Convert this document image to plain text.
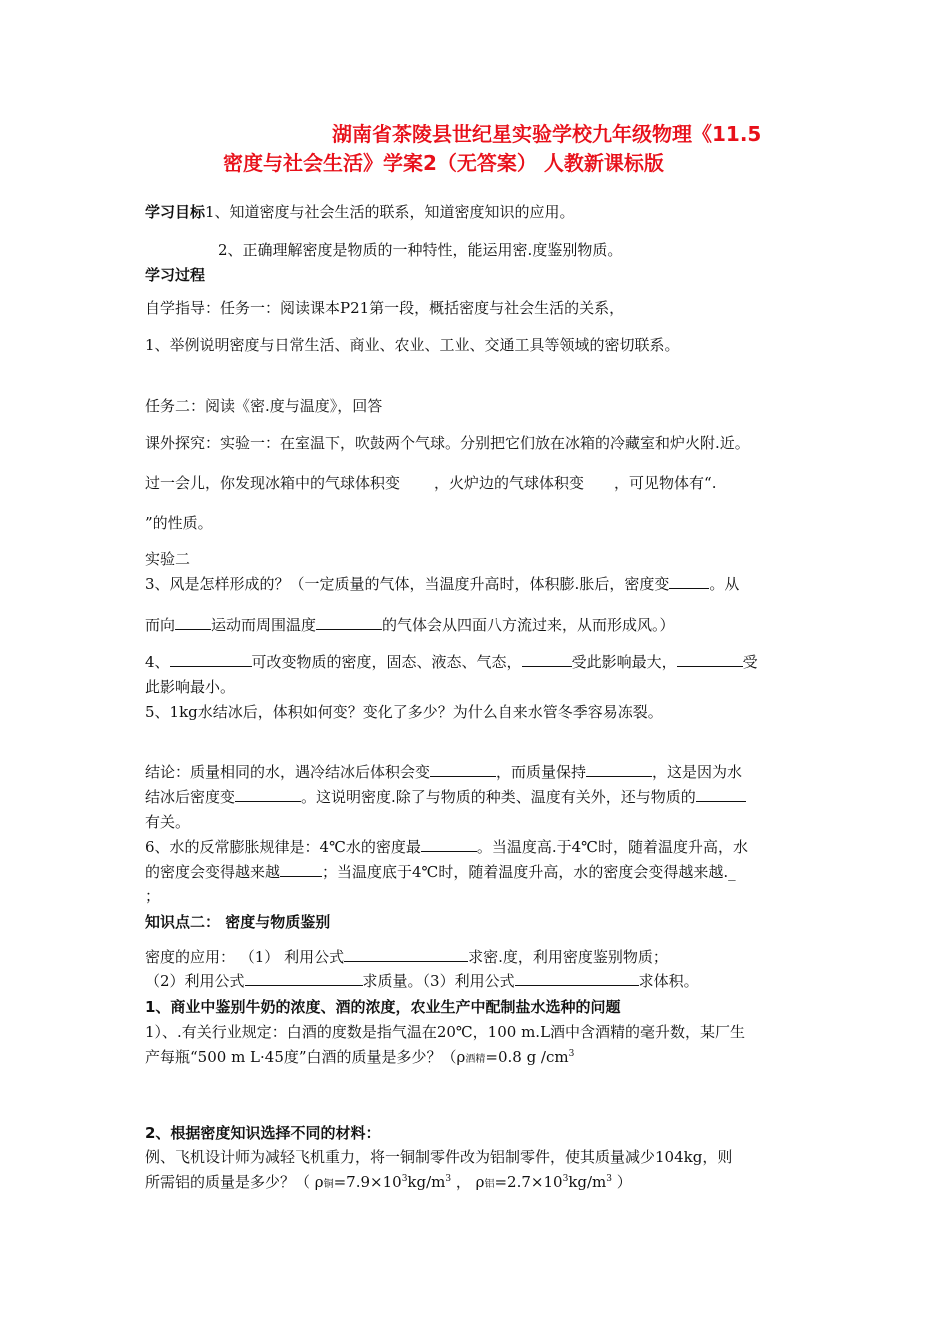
湖南省茶陵县世纪星实验学校九年级物理《11.5
密度与社会生活》学案2（无答案） 人教新课标版
学习目标1、知道密度与社会生活的联系，知道密度知识的应用。
2、正确理解密度是物质的一种特性，能运用密.度鉴别物质。
学习过程
自学指导：任务一：阅读课本P21第一段，概括密度与社会生活的关系，
1、举例说明密度与日常生活、商业、农业、工业、交通工具等领域的密切联系。
任务二：阅读《密.度与温度》，回答
课外探究：实验一：在室温下，吹鼓两个气球。分别把它们放在冰箱的冷藏室和炉火附.近。
过一会儿，你发现冰箱中的气球体积变 ，火炉边的气球体积变 ，可见物体有“.
”的性质。
实验二
3、风是怎样形成的？（一定质量的气体，当温度升高时，体积膨.胀后，密度变	。从
而向 运动而周围温度	的气体会从四面八方流过来，从而形成风。）
4、	可改变物质的密度，固态、液态、气态，	受此影响最大，	受
此影响最小。
5、1kg水结冰后，体积如何变？变化了多少？为什么自来水管冬季容易冻裂。
结论：质量相同的水，遇冷结冰后体积会变	，而质量保持	，这是因为水
结冰后密度变	。这说明密度.除了与物质的种类、温度有关外，还与物质的
有关。
6、水的反常膨胀规律是：4℃水的密度最	。当温度高.于4℃时，随着温度升高，水
的密度会变得越来越	；当温度底于4℃时，随着温度升高，水的密度会变得越来越._
；
知识点二： 密度与物质鉴别
密度的应用： （1） 利用公式	求密.度，利用密度鉴别物质；
（2）利用公式	求质量。（3）利用公式	求体积。
1、商业中鉴别牛奶的浓度、酒的浓度，农业生产中配制盐水选种的问题
1）、.有关行业规定：白酒的度数是指气温在20℃，100 m.L酒中含酒精的毫升数，某厂生
产每瓶“500 m L·45度”白酒的质量是多少？（ρ酒精=0.8 g $/cm^3$
2、根据密度知识选择不同的材料：
例、飞机设计师为减轻飞机重力，将一铜制零件改为铝制零件，使其质量减少104kg，则
所需铝的质量是多少？（ ρ铜$=7.9\times 10^3kg/m^3$ ， ρ铝$=2.7\times 10^3kg/m^3$ ）
